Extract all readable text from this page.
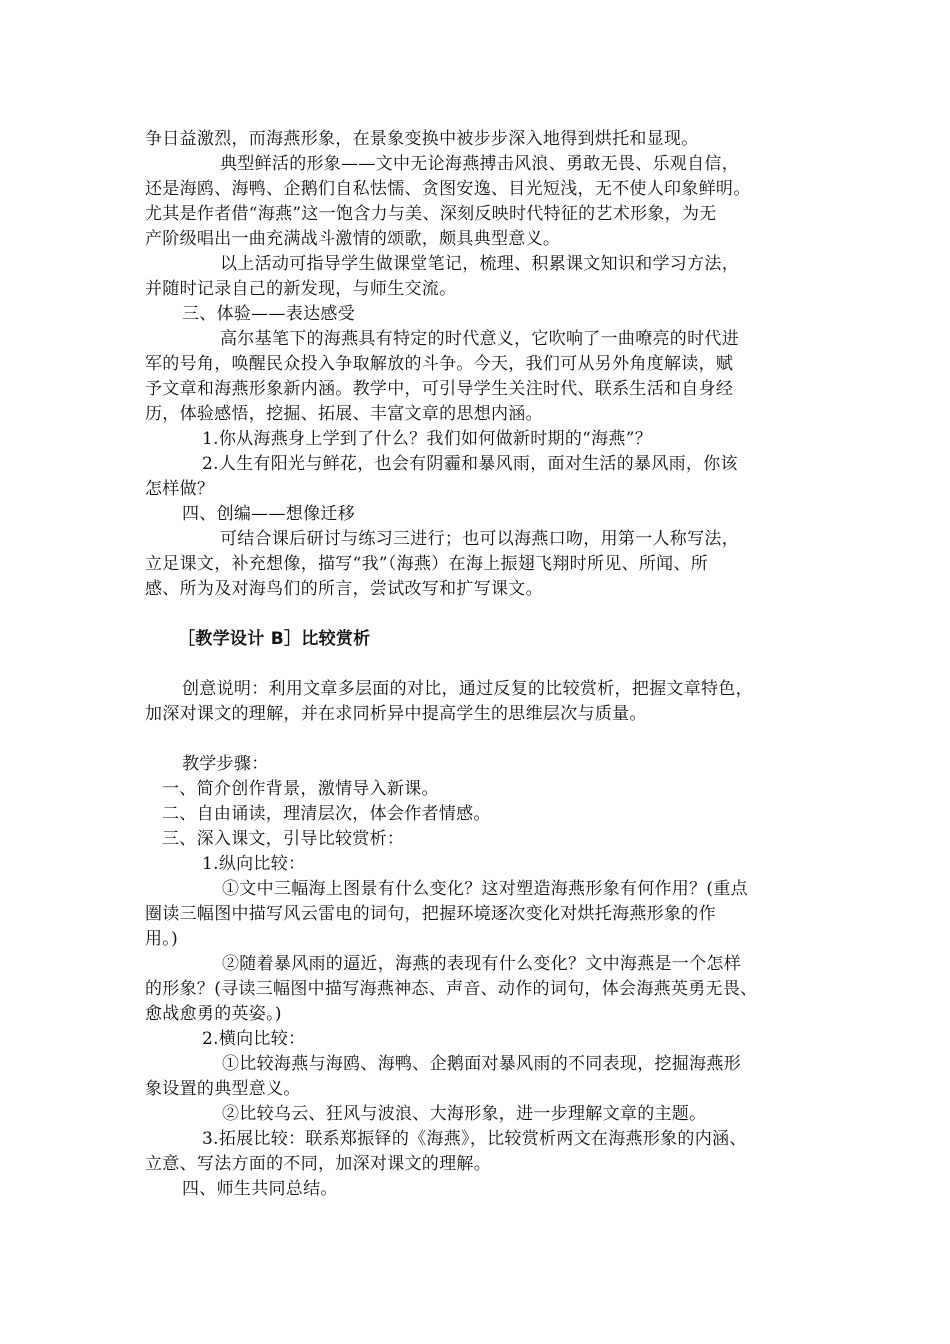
争日益激烈，而海燕形象，在景象变换中被步步深入地得到烘托和显现。
典型鲜活的形象——文中无论海燕搏击风浪、勇敢无畏、乐观自信，
还是海鸥、海鸭、企鹅们自私怯懦、贪图安逸、目光短浅，无不使人印象鲜明。
尤其是作者借“海燕”这一饱含力与美、深刻反映时代特征的艺术形象，为无
产阶级唱出一曲充满战斗激情的颂歌，颇具典型意义。
以上活动可指导学生做课堂笔记，梳理、积累课文知识和学习方法，
并随时记录自己的新发现，与师生交流。
三、体验——表达感受
高尔基笔下的海燕具有特定的时代意义，它吹响了一曲嘹亮的时代进
军的号角，唤醒民众投入争取解放的斗争。今天，我们可从另外角度解读，赋
予文章和海燕形象新内涵。教学中，可引导学生关注时代、联系生活和自身经
历，体验感悟，挖掘、拓展、丰富文章的思想内涵。
1.你从海燕身上学到了什么？我们如何做新时期的“海燕”？
2.人生有阳光与鲜花，也会有阴霾和暴风雨，面对生活的暴风雨，你该
怎样做？
四、创编——想像迁移
可结合课后研讨与练习三进行；也可以海燕口吻，用第一人称写法，
立足课文，补充想像，描写“我”（海燕）在海上振翅飞翔时所见、所闻、所
感、所为及对海鸟们的所言，尝试改写和扩写课文。
［教学设计 B］比较赏析
创意说明：利用文章多层面的对比，通过反复的比较赏析，把握文章特色，
加深对课文的理解，并在求同析异中提高学生的思维层次与质量。
教学步骤：
一、简介创作背景，激情导入新课。
二、自由诵读，理清层次，体会作者情感。
三、深入课文，引导比较赏析：
1.纵向比较：
①文中三幅海上图景有什么变化？这对塑造海燕形象有何作用？(重点
圈读三幅图中描写风云雷电的词句，把握环境逐次变化对烘托海燕形象的作
用。)
②随着暴风雨的逼近，海燕的表现有什么变化？文中海燕是一个怎样
的形象？(寻读三幅图中描写海燕神态、声音、动作的词句，体会海燕英勇无畏、
愈战愈勇的英姿。)
2.横向比较：
①比较海燕与海鸥、海鸭、企鹅面对暴风雨的不同表现，挖掘海燕形
象设置的典型意义。
②比较乌云、狂风与波浪、大海形象，进一步理解文章的主题。
3.拓展比较：联系郑振铎的《海燕》，比较赏析两文在海燕形象的内涵、
立意、写法方面的不同，加深对课文的理解。
四、师生共同总结。
